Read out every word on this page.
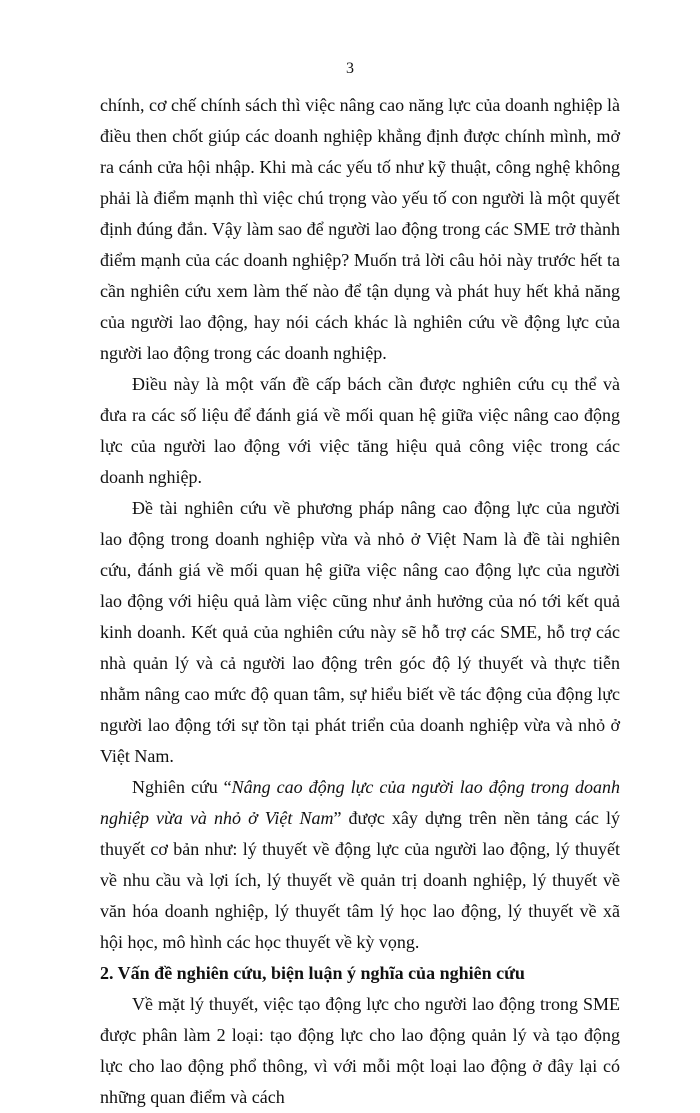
3

chính, cơ chế chính sách thì việc nâng cao năng lực của doanh nghiệp là điều then chốt giúp các doanh nghiệp khẳng định được chính mình, mở ra cánh cửa hội nhập. Khi mà các yếu tố như kỹ thuật, công nghệ không phải là điểm mạnh thì việc chú trọng vào yếu tố con người là một quyết định đúng đắn. Vậy làm sao để người lao động trong các SME trở thành điểm mạnh của các doanh nghiệp? Muốn trả lời câu hỏi này trước hết ta cần nghiên cứu xem làm thế nào để tận dụng và phát huy hết khả năng của người lao động, hay nói cách khác là nghiên cứu về động lực của người lao động trong các doanh nghiệp.

Điều này là một vấn đề cấp bách cần được nghiên cứu cụ thể và đưa ra các số liệu để đánh giá về mối quan hệ giữa việc nâng cao động lực của người lao động với việc tăng hiệu quả công việc trong các doanh nghiệp.

Đề tài nghiên cứu về phương pháp nâng cao động lực của người lao động trong doanh nghiệp vừa và nhỏ ở Việt Nam là đề tài nghiên cứu, đánh giá về mối quan hệ giữa việc nâng cao động lực của người lao động với hiệu quả làm việc cũng như ảnh hưởng của nó tới kết quả kinh doanh. Kết quả của nghiên cứu này sẽ hỗ trợ các SME, hỗ trợ các nhà quản lý và cả người lao động trên góc độ lý thuyết và thực tiễn nhằm nâng cao mức độ quan tâm, sự hiểu biết về tác động của động lực người lao động tới sự tồn tại phát triển của doanh nghiệp vừa và nhỏ ở Việt Nam.

Nghiên cứu “Nâng cao động lực của người lao động trong doanh nghiệp vừa và nhỏ ở Việt Nam” được xây dựng trên nền tảng các lý thuyết cơ bản như: lý thuyết về động lực của người lao động, lý thuyết về nhu cầu và lợi ích, lý thuyết về quản trị doanh nghiệp, lý thuyết về văn hóa doanh nghiệp, lý thuyết tâm lý học lao động, lý thuyết về xã hội học, mô hình các học thuyết về kỳ vọng.

2. Vấn đề nghiên cứu, biện luận ý nghĩa của nghiên cứu

Về mặt lý thuyết, việc tạo động lực cho người lao động trong SME được phân làm 2 loại: tạo động lực cho lao động quản lý và tạo động lực cho lao động phổ thông, vì với mỗi một loại lao động ở đây lại có những quan điểm và cách
